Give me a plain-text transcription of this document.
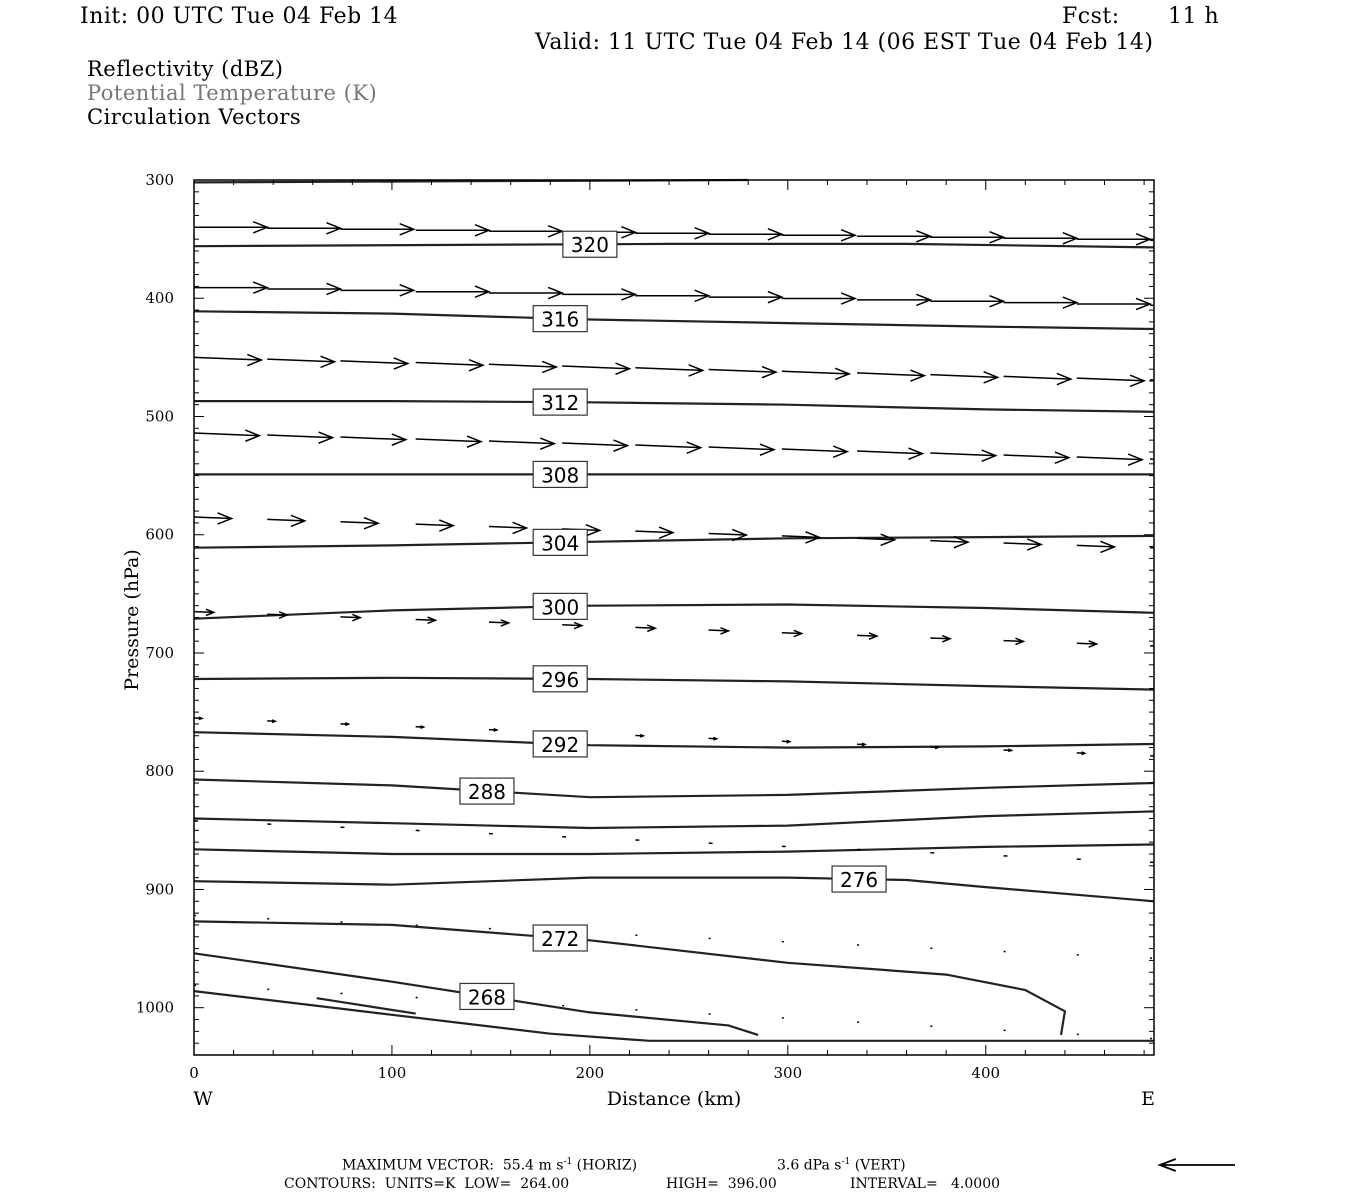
Init: 00 UTC Tue 04 Feb 14	Fcst: 11 h
Valid: 11 UTC Tue 04 Feb 14 (06 EST Tue 04 Feb 14)
Reflectivity (dBZ)
Potential Temperature (K)
Circulation Vectors
320
316
312
308
304
300
296
292
288
276
272
268
300
400
500
600
700
800
900
1000
0	100	200	300	400
Pressure (hPa)
Distance (km)
W	E
MAXIMUM VECTOR: 55.4 m $s^{-1}$ (HORIZ)	3.6 dPa $s^{-1}$ (VERT)
CONTOURS:  UNITS=K  LOW=  264.00	HIGH=  396.00	INTERVAL=   4.0000
